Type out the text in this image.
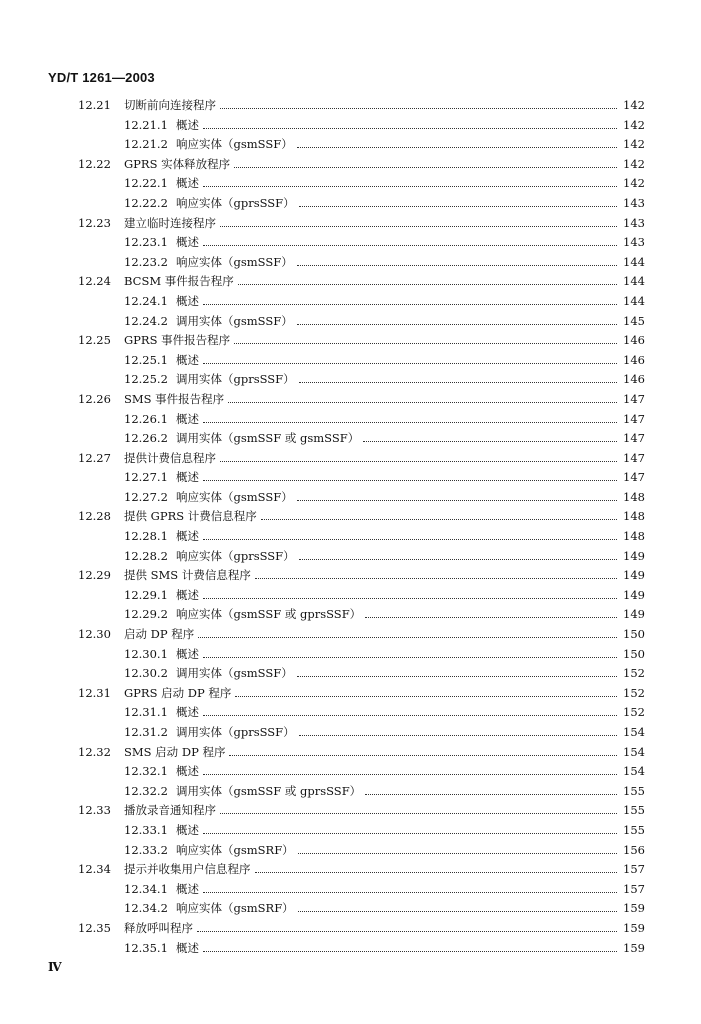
YD/T 1261—2003
12.21	切断前向连接程序	142
12.21.1 概述	142
12.21.2 响应实体（gsmSSF）	142
12.22	GPRS 实体释放程序	142
12.22.1 概述	142
12.22.2 响应实体（gprsSSF）	143
12.23	建立临时连接程序	143
12.23.1 概述	143
12.23.2 响应实体（gsmSSF）	144
12.24	BCSM 事件报告程序	144
12.24.1 概述	144
12.24.2 调用实体（gsmSSF）	145
12.25	GPRS 事件报告程序	146
12.25.1 概述	146
12.25.2 调用实体（gprsSSF）	146
12.26	SMS 事件报告程序	147
12.26.1 概述	147
12.26.2 调用实体（gsmSSF 或 gsmSSF）	147
12.27	提供计费信息程序	147
12.27.1 概述	147
12.27.2 响应实体（gsmSSF）	148
12.28	提供 GPRS 计费信息程序	148
12.28.1 概述	148
12.28.2 响应实体（gprsSSF）	149
12.29	提供 SMS 计费信息程序	149
12.29.1 概述	149
12.29.2 响应实体（gsmSSF 或 gprsSSF）	149
12.30	启动 DP 程序	150
12.30.1 概述	150
12.30.2 调用实体（gsmSSF）	152
12.31	GPRS 启动 DP 程序	152
12.31.1 概述	152
12.31.2 调用实体（gprsSSF）	154
12.32	SMS 启动 DP 程序	154
12.32.1 概述	154
12.32.2 调用实体（gsmSSF 或 gprsSSF）	155
12.33	播放录音通知程序	155
12.33.1 概述	155
12.33.2 响应实体（gsmSRF）	156
12.34	提示并收集用户信息程序	157
12.34.1 概述	157
12.34.2 响应实体（gsmSRF）	159
12.35	释放呼叫程序	159
12.35.1 概述	159
Ⅳ
